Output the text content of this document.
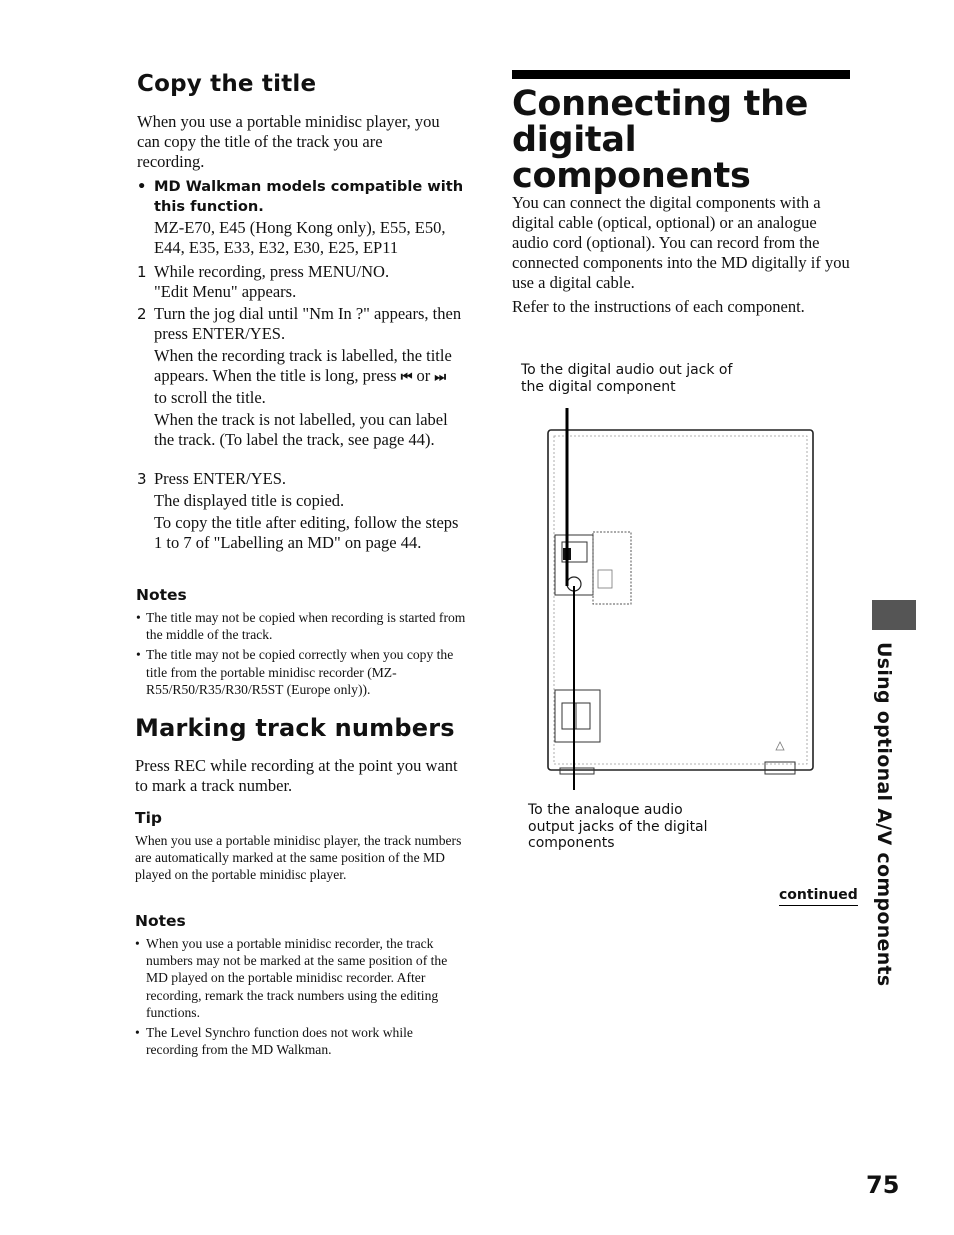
Copy the title

When you use a portable minidisc player, you can copy the title of the track you are recording.

• MD Walkman models compatible with this function.

MZ-E70, E45 (Hong Kong only), E55, E50, E44, E35, E33, E32, E30, E25, EP11

1 While recording, press MENU/NO. "Edit Menu" appears.

2 Turn the jog dial until "Nm In ?" appears, then press ENTER/YES.

When the recording track is labelled, the title appears. When the title is long, press ⏮ or ⏭ to scroll the title.

When the track is not labelled, you can label the track. (To label the track, see page 44).

3 Press ENTER/YES.

The displayed title is copied.

To copy the title after editing, follow the steps 1 to 7 of "Labelling an MD" on page 44.

Notes
• The title may not be copied when recording is started from the middle of the track.
• The title may not be copied correctly when you copy the title from the portable minidisc recorder (MZ-R55/R50/R35/R30/R5ST (Europe only)).
Marking track numbers

Press REC while recording at the point you want to mark a track number.

Tip

When you use a portable minidisc player, the track numbers are automatically marked at the same position of the MD played on the portable minidisc player.

Notes
• When you use a portable minidisc recorder, the track numbers may not be marked at the same position of the MD played on the portable minidisc recorder. After recording, remark the track numbers using the editing functions.
• The Level Synchro function does not work while recording from the MD Walkman.
Connecting the
digital components

You can connect the digital components with a digital cable (optical, optional) or an analogue audio cord (optional). You can record from the connected components into the MD digitally if you use a digital cable.

Refer to the instructions of each component.

To the digital audio out jack of the digital component

To the analoque audio output jacks of the digital components

continued Using optional A/V components
75
